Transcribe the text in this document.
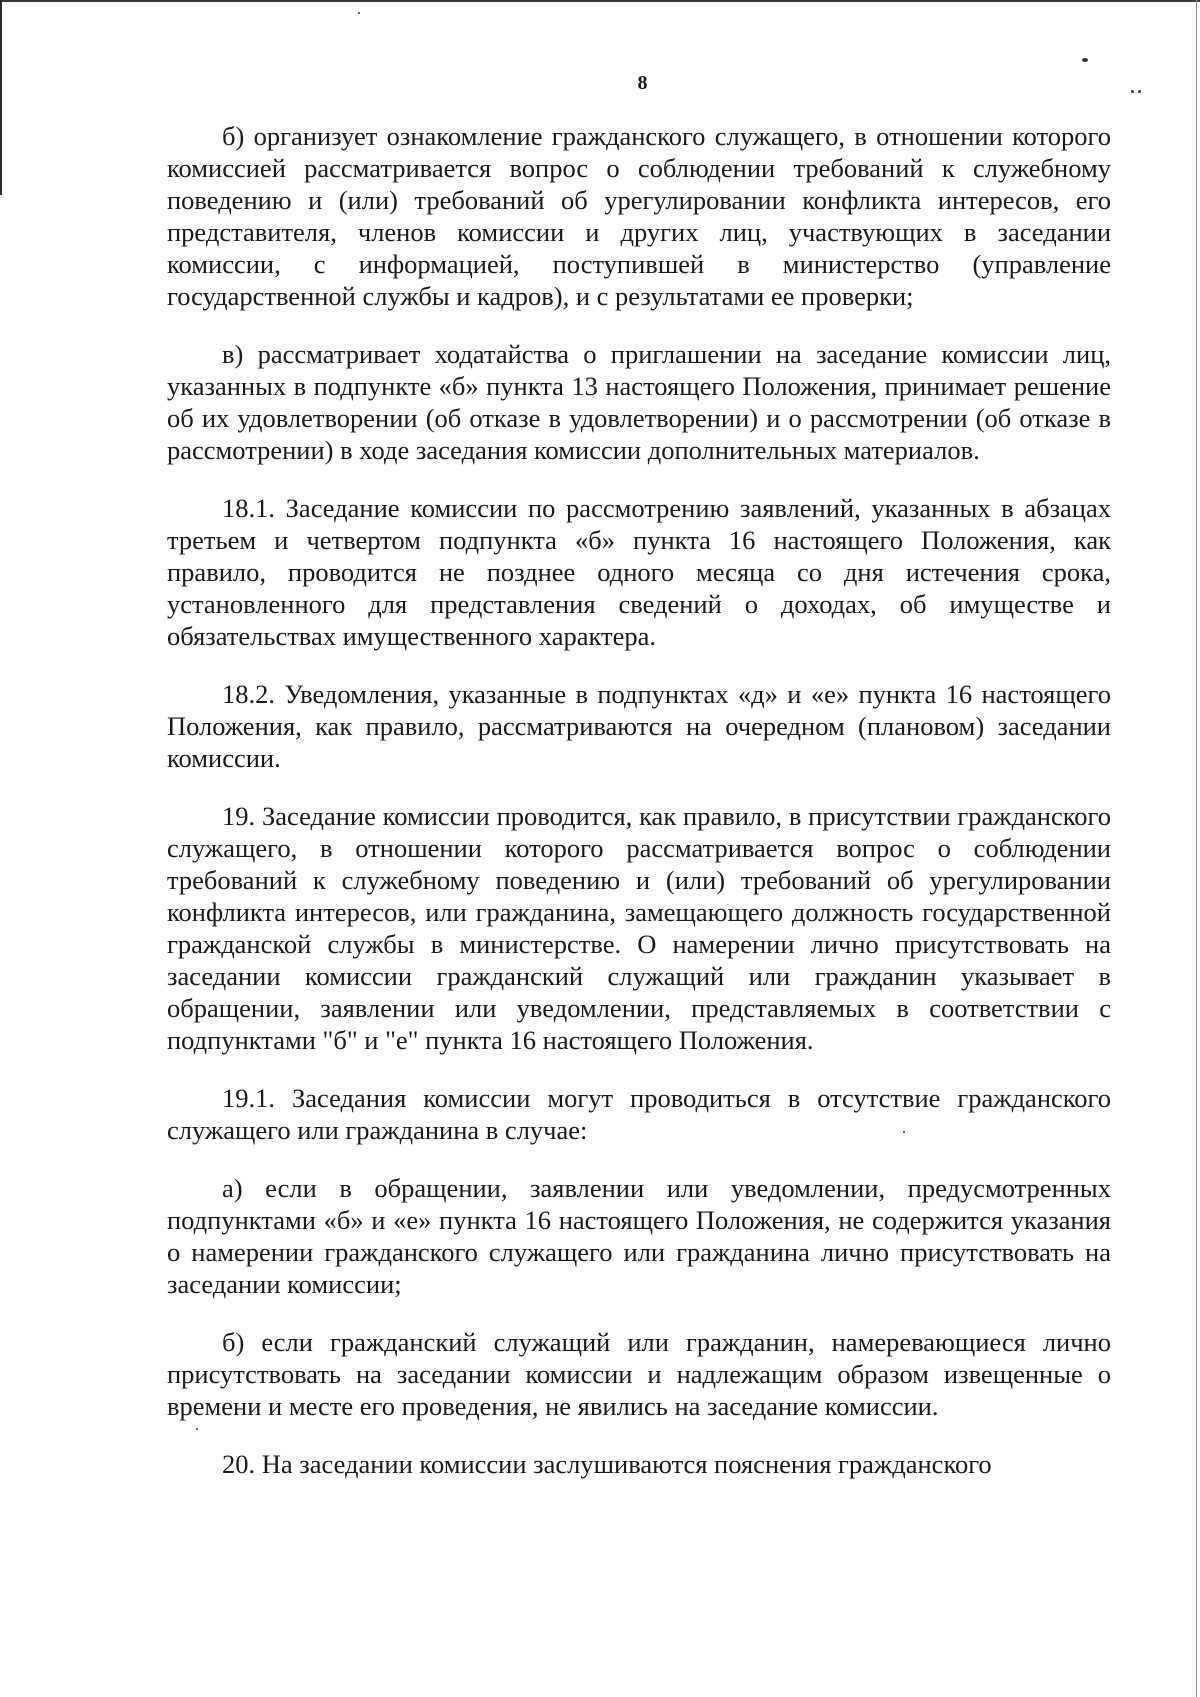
8

б) организует ознакомление гражданского служащего, в отношении которого комиссией рассматривается вопрос о соблюдении требований к служебному поведению и (или) требований об урегулировании конфликта интересов, его представителя, членов комиссии и других лиц, участвующих в заседании комиссии, с информацией, поступившей в министерство (управление государственной службы и кадров), и с результатами ее проверки;

в) рассматривает ходатайства о приглашении на заседание комиссии лиц, указанных в подпункте «б» пункта 13 настоящего Положения, принимает решение об их удовлетворении (об отказе в удовлетворении) и о рассмотрении (об отказе в рассмотрении) в ходе заседания комиссии дополнительных материалов.

18.1. Заседание комиссии по рассмотрению заявлений, указанных в абзацах третьем и четвертом подпункта «б» пункта 16 настоящего Положения, как правило, проводится не позднее одного месяца со дня истечения срока, установленного для представления сведений о доходах, об имуществе и обязательствах имущественного характера.

18.2. Уведомления, указанные в подпунктах «д» и «е» пункта 16 настоящего Положения, как правило, рассматриваются на очередном (плановом) заседании комиссии.

19. Заседание комиссии проводится, как правило, в присутствии гражданского служащего, в отношении которого рассматривается вопрос о соблюдении требований к служебному поведению и (или) требований об урегулировании конфликта интересов, или гражданина, замещающего должность государственной гражданской службы в министерстве. О намерении лично присутствовать на заседании комиссии гражданский служащий или гражданин указывает в обращении, заявлении или уведомлении, представляемых в соответствии с подпунктами "б" и "е" пункта 16 настоящего Положения.

19.1. Заседания комиссии могут проводиться в отсутствие гражданского служащего или гражданина в случае:

а) если в обращении, заявлении или уведомлении, предусмотренных подпунктами «б» и «е» пункта 16 настоящего Положения, не содержится указания о намерении гражданского служащего или гражданина лично присутствовать на заседании комиссии;

б) если гражданский служащий или гражданин, намеревающиеся лично присутствовать на заседании комиссии и надлежащим образом извещенные о времени и месте его проведения, не явились на заседание комиссии.

20. На заседании комиссии заслушиваются пояснения гражданского
